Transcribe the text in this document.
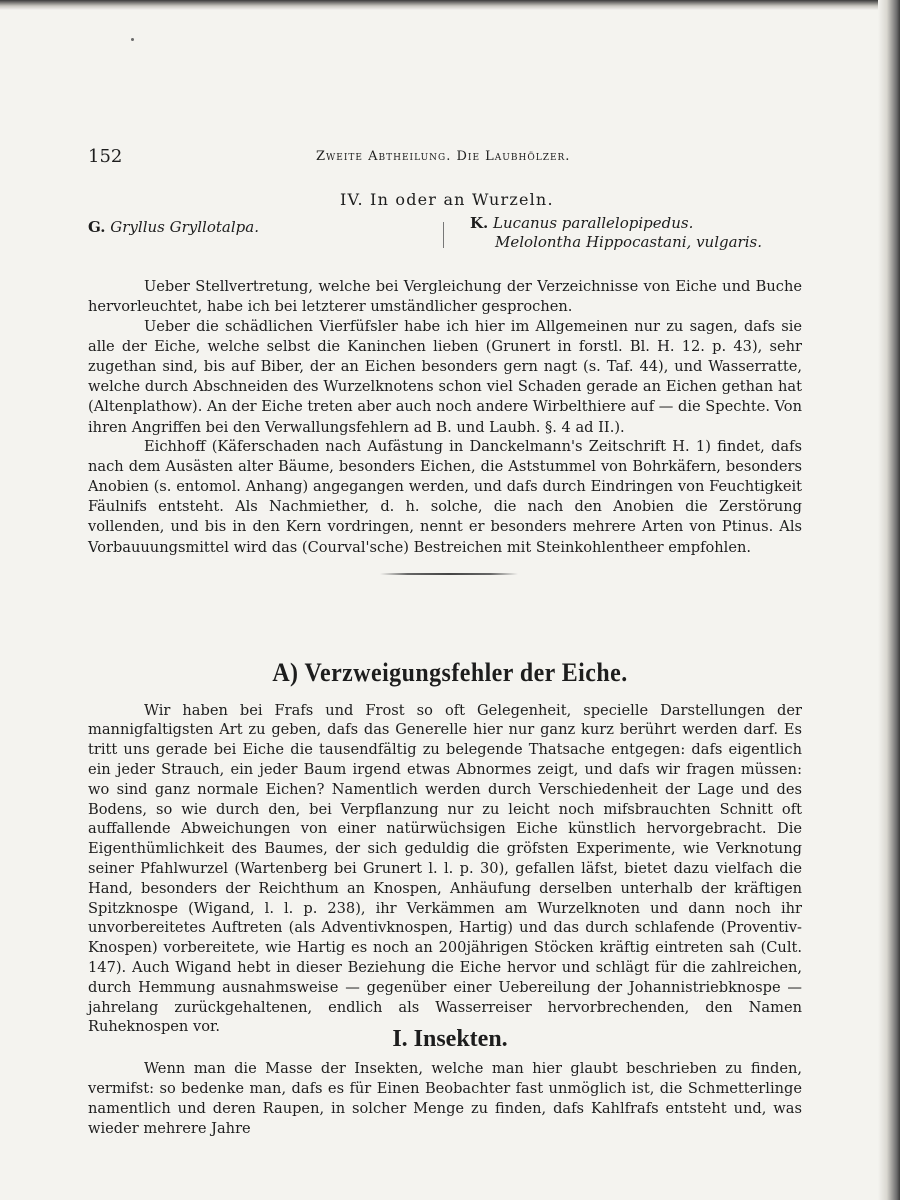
152	Zweite Abtheilung. Die Laubhölzer.
IV. In oder an Wurzeln.
G. Gryllus Gryllotalpa.	K. Lucanus parallelopipedus.
Melolontha Hippocastani, vulgaris.

Ueber Stellvertretung, welche bei Vergleichung der Verzeichnisse von Eiche und Buche hervorleuchtet, habe ich bei letzterer umständlicher gesprochen.

Ueber die schädlichen Vierfüfsler habe ich hier im Allgemeinen nur zu sagen, dafs sie alle der Eiche, welche selbst die Kaninchen lieben (Grunert in forstl. Bl. H. 12. p. 43), sehr zugethan sind, bis auf Biber, der an Eichen besonders gern nagt (s. Taf. 44), und Wasserratte, welche durch Abschneiden des Wurzelknotens schon viel Schaden gerade an Eichen gethan hat (Altenplathow). An der Eiche treten aber auch noch andere Wirbelthiere auf — die Spechte. Von ihren Angriffen bei den Verwallungsfehlern ad B. und Laubh. §. 4 ad II.).

Eichhoff (Käferschaden nach Aufästung in Danckelmann's Zeitschrift H. 1) findet, dafs nach dem Ausästen alter Bäume, besonders Eichen, die Aststummel von Bohrkäfern, besonders Anobien (s. entomol. Anhang) angegangen werden, und dafs durch Eindringen von Feuchtigkeit Fäulnifs entsteht. Als Nachmiether, d. h. solche, die nach den Anobien die Zerstörung vollenden, und bis in den Kern vordringen, nennt er besonders mehrere Arten von Ptinus. Als Vorbauuungsmittel wird das (Courval'sche) Bestreichen mit Steinkohlentheer empfohlen.

A) Verzweigungsfehler der Eiche.

Wir haben bei Frafs und Frost so oft Gelegenheit, specielle Darstellungen der mannigfaltigsten Art zu geben, dafs das Generelle hier nur ganz kurz berührt werden darf. Es tritt uns gerade bei Eiche die tausendfältig zu belegende Thatsache entgegen: dafs eigentlich ein jeder Strauch, ein jeder Baum irgend etwas Abnormes zeigt, und dafs wir fragen müssen: wo sind ganz normale Eichen? Namentlich werden durch Verschiedenheit der Lage und des Bodens, so wie durch den, bei Verpflanzung nur zu leicht noch mifsbrauchten Schnitt oft auffallende Abweichungen von einer natürwüchsigen Eiche künstlich hervorgebracht. Die Eigenthümlichkeit des Baumes, der sich geduldig die gröfsten Experimente, wie Verknotung seiner Pfahlwurzel (Wartenberg bei Grunert l. l. p. 30), gefallen läfst, bietet dazu vielfach die Hand, besonders der Reichthum an Knospen, Anhäufung derselben unterhalb der kräftigen Spitzknospe (Wigand, l. l. p. 238), ihr Verkämmen am Wurzelknoten und dann noch ihr unvorbereitetes Auftreten (als Adventivknospen, Hartig) und das durch schlafende (Proventiv-Knospen) vorbereitete, wie Hartig es noch an 200jährigen Stöcken kräftig eintreten sah (Cult. 147). Auch Wigand hebt in dieser Beziehung die Eiche hervor und schlägt für die zahlreichen, durch Hemmung ausnahmsweise — gegenüber einer Uebereilung der Johannistriebknospe — jahrelang zurückgehaltenen, endlich als Wasserreiser hervorbrechenden, den Namen Ruheknospen vor.	I. Insekten.

Wenn man die Masse der Insekten, welche man hier glaubt beschrieben zu finden, vermifst: so bedenke man, dafs es für Einen Beobachter fast unmöglich ist, die Schmetterlinge namentlich und deren Raupen, in solcher Menge zu finden, dafs Kahlfrafs entsteht und, was wieder mehrere Jahre
